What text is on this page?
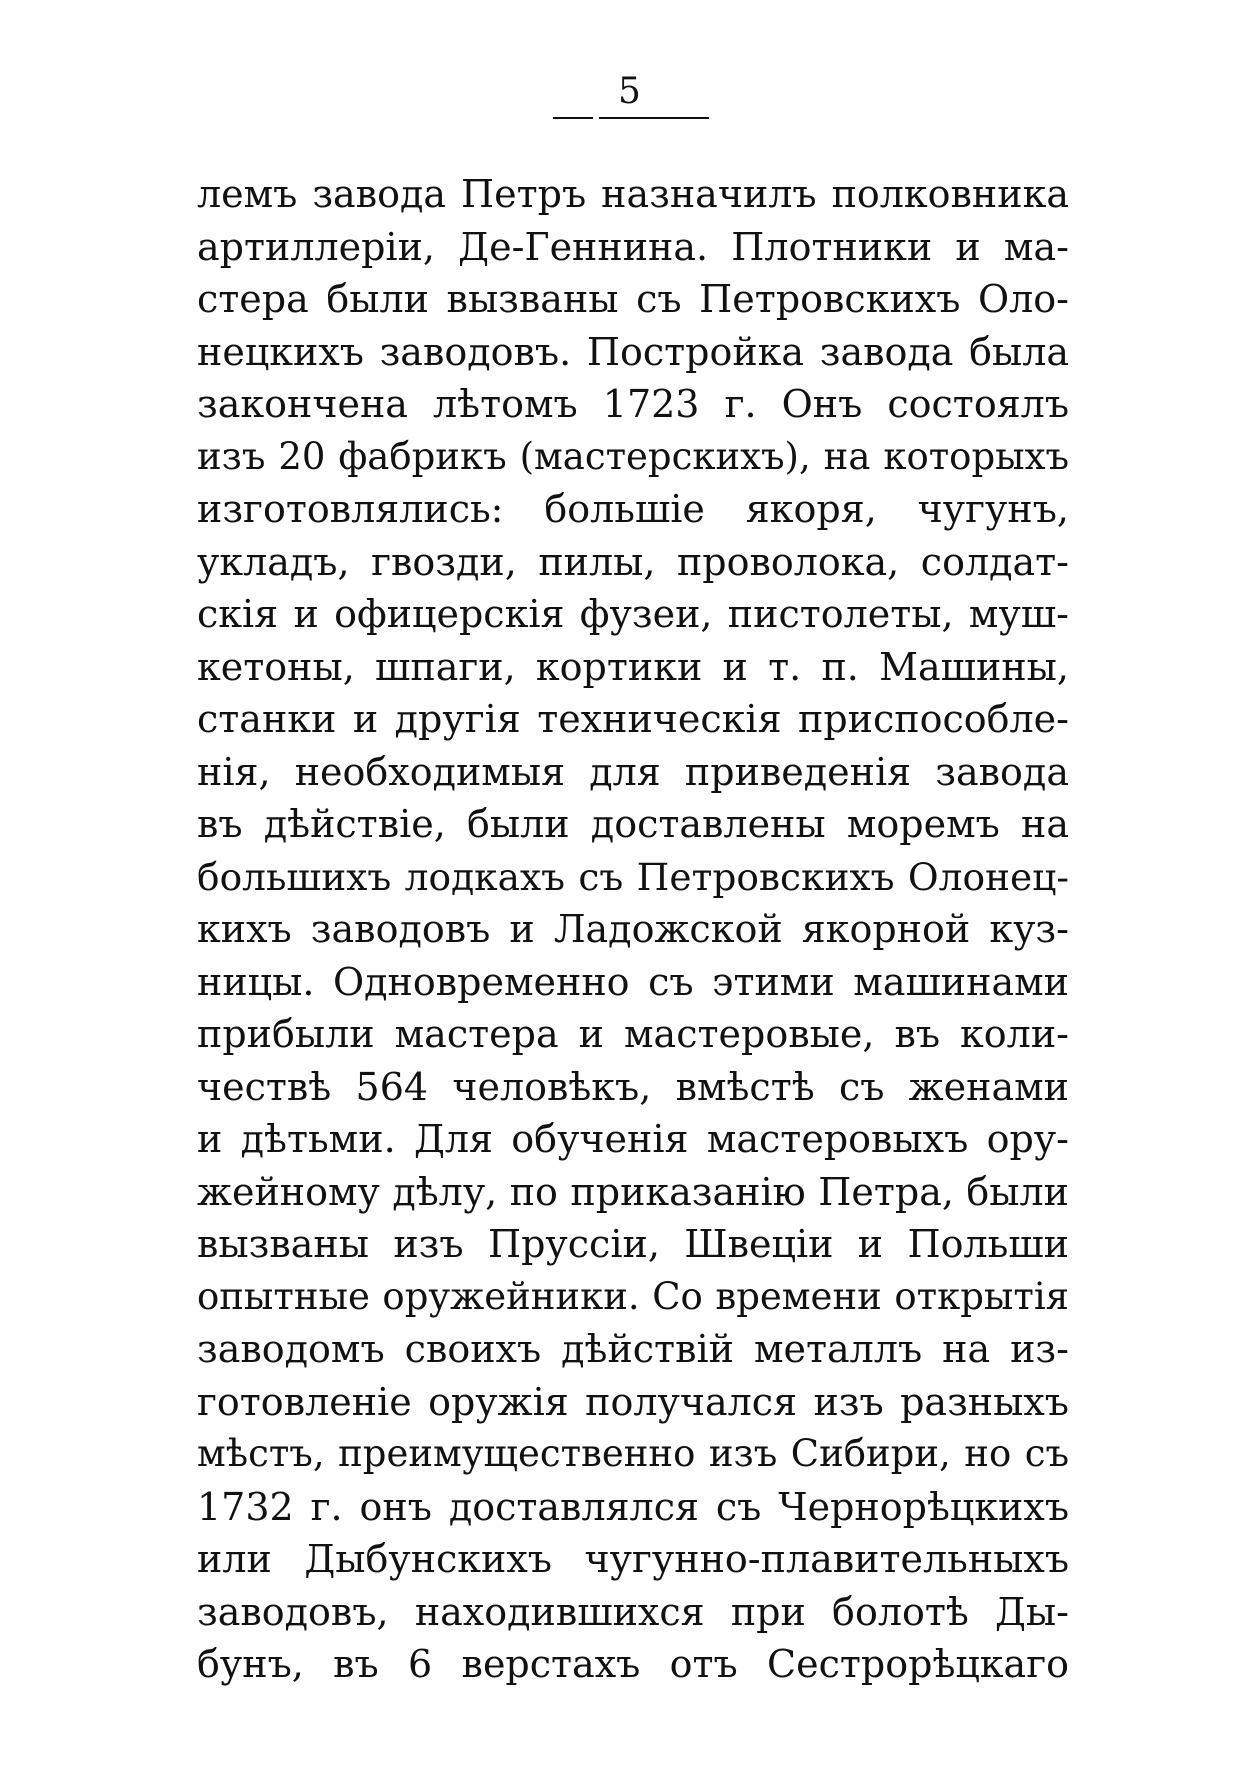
5
лемъ завода Петръ назначилъ полковника
артиллеріи, Де-Геннина. Плотники и ма-
стера были вызваны съ Петровскихъ Оло-
нецкихъ заводовъ. Постройка завода была
закончена лѣтомъ 1723 г. Онъ состоялъ
изъ 20 фабрикъ (мастерскихъ), на которыхъ
изготовлялись: большіе якоря, чугунъ,
укладъ, гвозди, пилы, проволока, солдат-
скія и офицерскія фузеи, пистолеты, муш-
кетоны, шпаги, кортики и т. п. Машины,
станки и другія техническія приспособле-
нія, необходимыя для приведенія завода
въ дѣйствіе, были доставлены моремъ на
большихъ лодкахъ съ Петровскихъ Олонец-
кихъ заводовъ и Ладожской якорной куз-
ницы. Одновременно съ этими машинами
прибыли мастера и мастеровые, въ коли-
чествѣ 564 человѣкъ, вмѣстѣ съ женами
и дѣтьми. Для обученія мастеровыхъ ору-
жейному дѣлу, по приказанію Петра, были
вызваны изъ Пруссіи, Швеціи и Польши
опытные оружейники. Со времени открытія
заводомъ своихъ дѣйствій металлъ на из-
готовленіе оружія получался изъ разныхъ
мѣстъ, преимущественно изъ Сибири, но съ
1732 г. онъ доставлялся съ Чернорѣцкихъ
или Дыбунскихъ чугунно-плавительныхъ
заводовъ, находившихся при болотѣ Ды-
бунъ, въ 6 верстахъ отъ Сестрорѣцкаго
